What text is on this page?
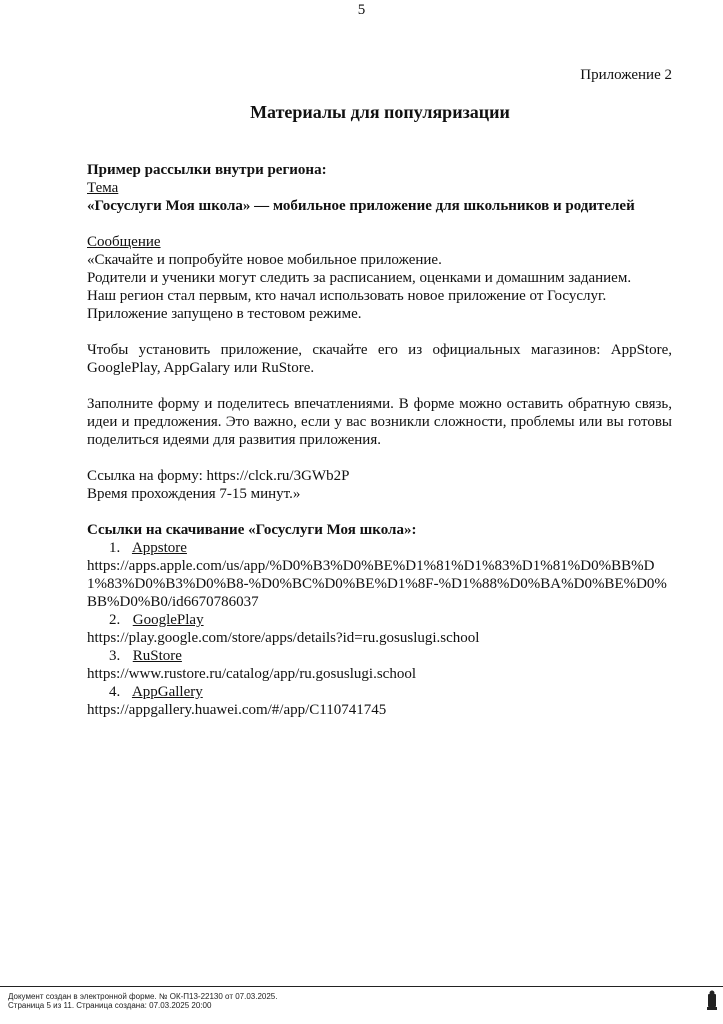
5
Приложение 2
Материалы для популяризации

Пример рассылки внутри региона:

Тема

«Госуслуги Моя школа» — мобильное приложение для школьников и родителей

Сообщение

«Скачайте и попробуйте новое мобильное приложение.

Родители и ученики могут следить за расписанием, оценками и домашним заданием.

Наш регион стал первым, кто начал использовать новое приложение от Госуслуг.

Приложение запущено в тестовом режиме.

Чтобы установить приложение, скачайте его из официальных магазинов: AppStore, GooglePlay, AppGalary или RuStore.

Заполните форму и поделитесь впечатлениями. В форме можно оставить обратную связь, идеи и предложения. Это важно, если у вас возникли сложности, проблемы или вы готовы поделиться идеями для развития приложения.

Ссылка на форму: https://clck.ru/3GWb2P

Время прохождения 7-15 минут.»

Ссылки на скачивание «Госуслуги Моя школа»:

1. Appstore

https://apps.apple.com/us/app/%D0%B3%D0%BE%D1%81%D1%83%D1%81%D0%BB%D1%83%D0%B3%D0%B8-%D0%BC%D0%BE%D1%8F-%D1%88%D0%BA%D0%BE%D0%BB%D0%B0/id6670786037

2. GooglePlay

https://play.google.com/store/apps/details?id=ru.gosuslugi.school

3. RuStore

https://www.rustore.ru/catalog/app/ru.gosuslugi.school

4. AppGallery

https://appgallery.huawei.com/#/app/C110741745

Документ создан в электронной форме. № ОК-П13-22130 от 07.03.2025.
Страница 5 из 11. Страница создана: 07.03.2025 20:00
